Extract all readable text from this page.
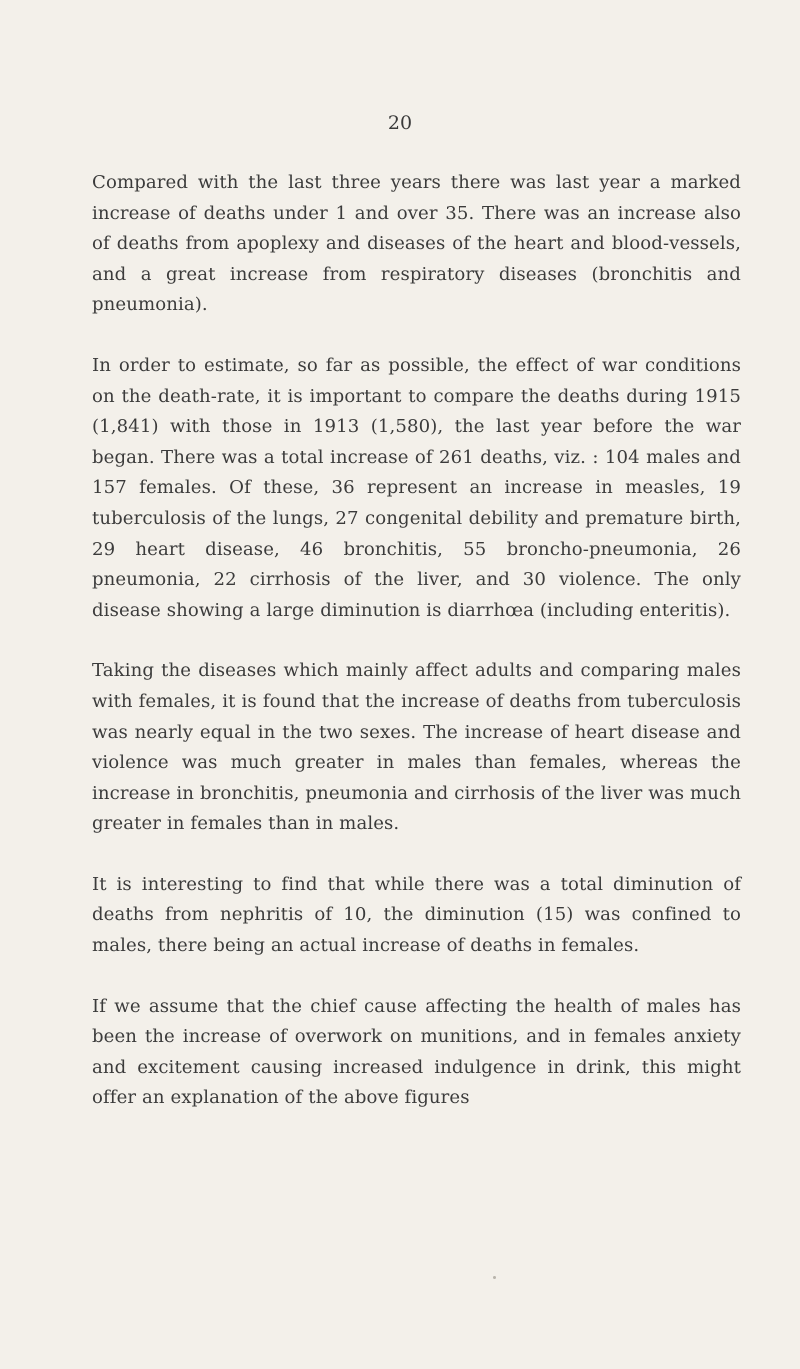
20

Compared with the last three years there was last year a marked increase of deaths under 1 and over 35. There was an increase also of deaths from apoplexy and diseases of the heart and blood-vessels, and a great increase from respiratory diseases (bronchitis and pneumonia).

In order to estimate, so far as possible, the effect of war conditions on the death-rate, it is important to compare the deaths during 1915 (1,841) with those in 1913 (1,580), the last year before the war began. There was a total increase of 261 deaths, viz. : 104 males and 157 females. Of these, 36 represent an increase in measles, 19 tuberculosis of the lungs, 27 congenital debility and premature birth, 29 heart disease, 46 bronchitis, 55 broncho-pneumonia, 26 pneumonia, 22 cirrhosis of the liver, and 30 violence. The only disease showing a large diminution is diarrhœa (including enteritis).

Taking the diseases which mainly affect adults and comparing males with females, it is found that the increase of deaths from tuberculosis was nearly equal in the two sexes. The increase of heart disease and violence was much greater in males than females, whereas the increase in bronchitis, pneumonia and cirrhosis of the liver was much greater in females than in males.

It is interesting to find that while there was a total diminution of deaths from nephritis of 10, the diminution (15) was confined to males, there being an actual increase of deaths in females.

If we assume that the chief cause affecting the health of males has been the increase of overwork on munitions, and in females anxiety and excitement causing increased indulgence in drink, this might offer an explanation of the above figures
